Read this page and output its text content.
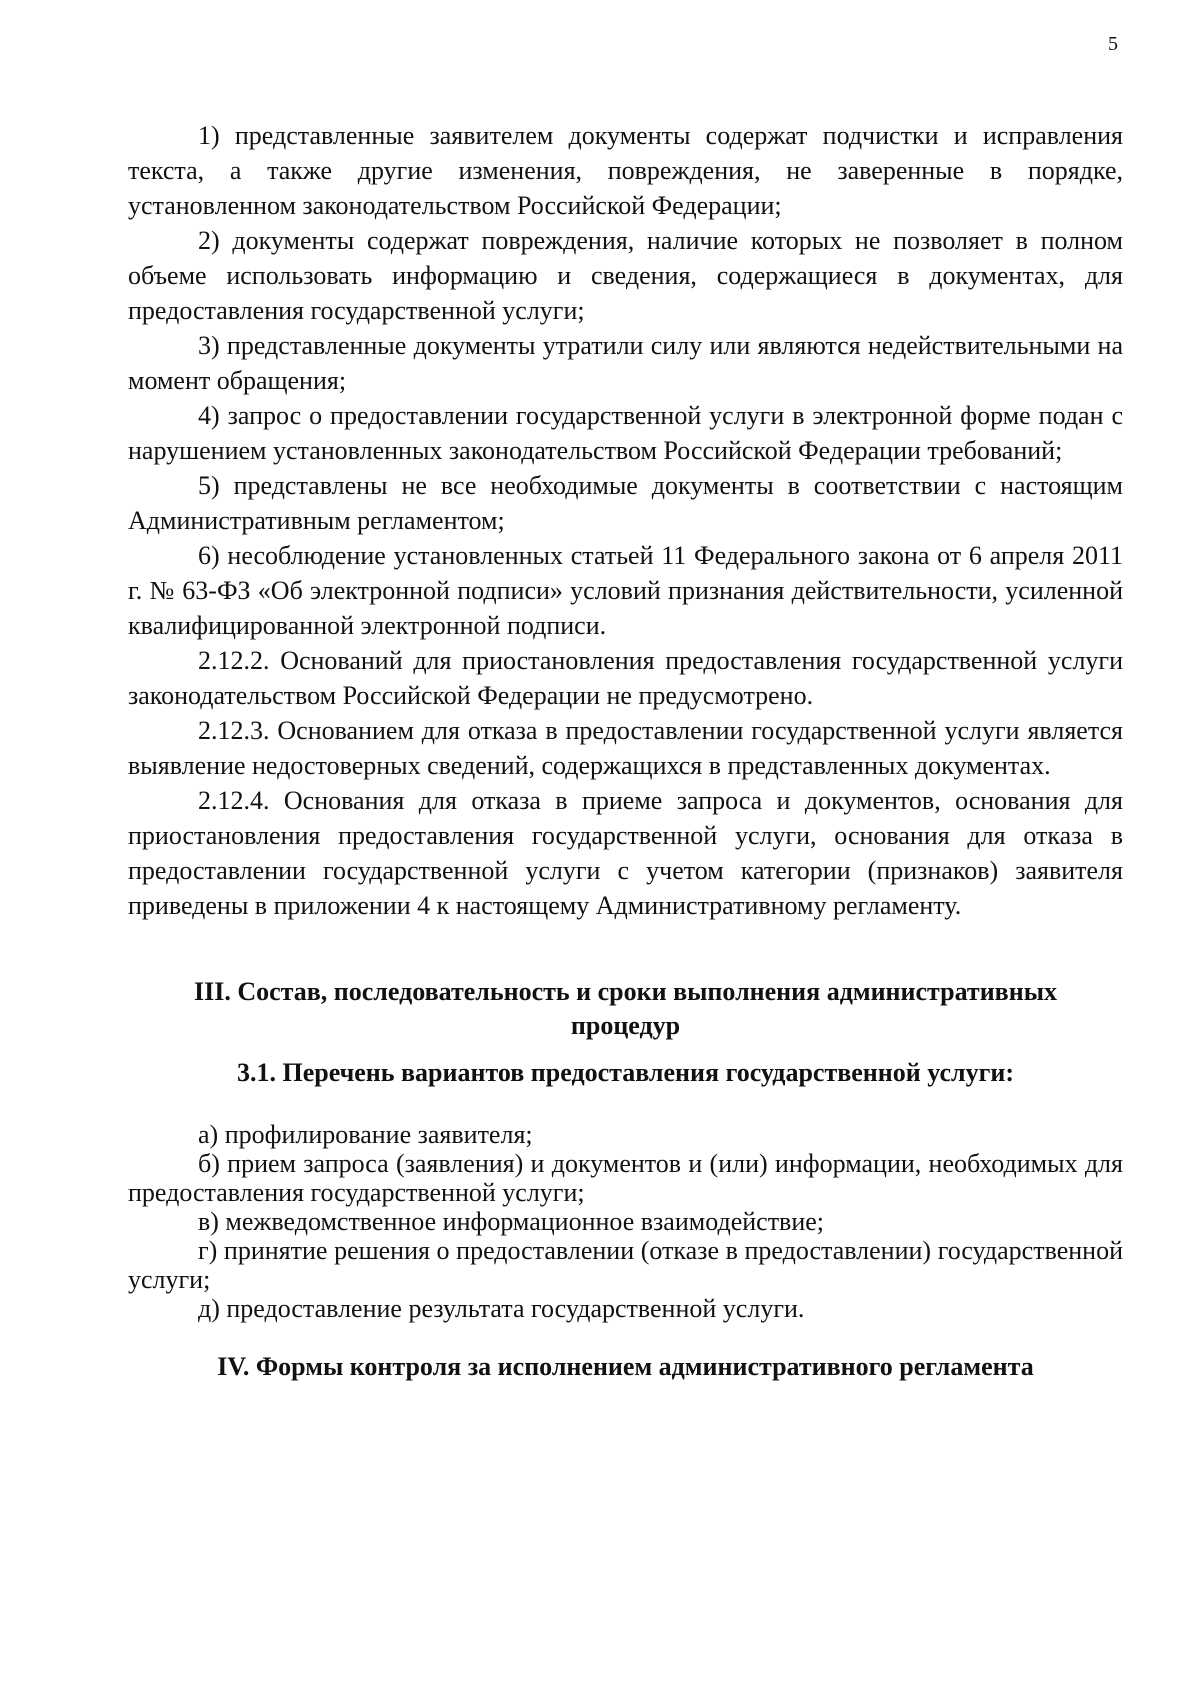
5

1) представленные заявителем документы содержат подчистки и исправления текста, а также другие изменения, повреждения, не заверенные в порядке, установленном законодательством Российской Федерации;

2) документы содержат повреждения, наличие которых не позволяет в полном объеме использовать информацию и сведения, содержащиеся в документах, для предоставления государственной услуги;

3) представленные документы утратили силу или являются недействительными на момент обращения;

4) запрос о предоставлении государственной услуги в электронной форме подан с нарушением установленных законодательством Российской Федерации требований;

5) представлены не все необходимые документы в соответствии с настоящим Административным регламентом;

6) несоблюдение установленных статьей 11 Федерального закона от 6 апреля 2011 г. № 63-ФЗ «Об электронной подписи» условий признания действительности, усиленной квалифицированной электронной подписи.

2.12.2. Оснований для приостановления предоставления государственной услуги законодательством Российской Федерации не предусмотрено.

2.12.3. Основанием для отказа в предоставлении государственной услуги является выявление недостоверных сведений, содержащихся в представленных документах.

2.12.4. Основания для отказа в приеме запроса и документов, основания для приостановления предоставления государственной услуги, основания для отказа в предоставлении государственной услуги с учетом категории (признаков) заявителя приведены в приложении 4 к настоящему Административному регламенту.

III. Состав, последовательность и сроки выполнения административных процедур
3.1. Перечень вариантов предоставления государственной услуги:

а) профилирование заявителя;

б) прием запроса (заявления) и документов и (или) информации, необходимых для предоставления государственной услуги;

в) межведомственное информационное взаимодействие;

г) принятие решения о предоставлении (отказе в предоставлении) государственной услуги;

д) предоставление результата государственной услуги.

IV. Формы контроля за исполнением административного регламента
